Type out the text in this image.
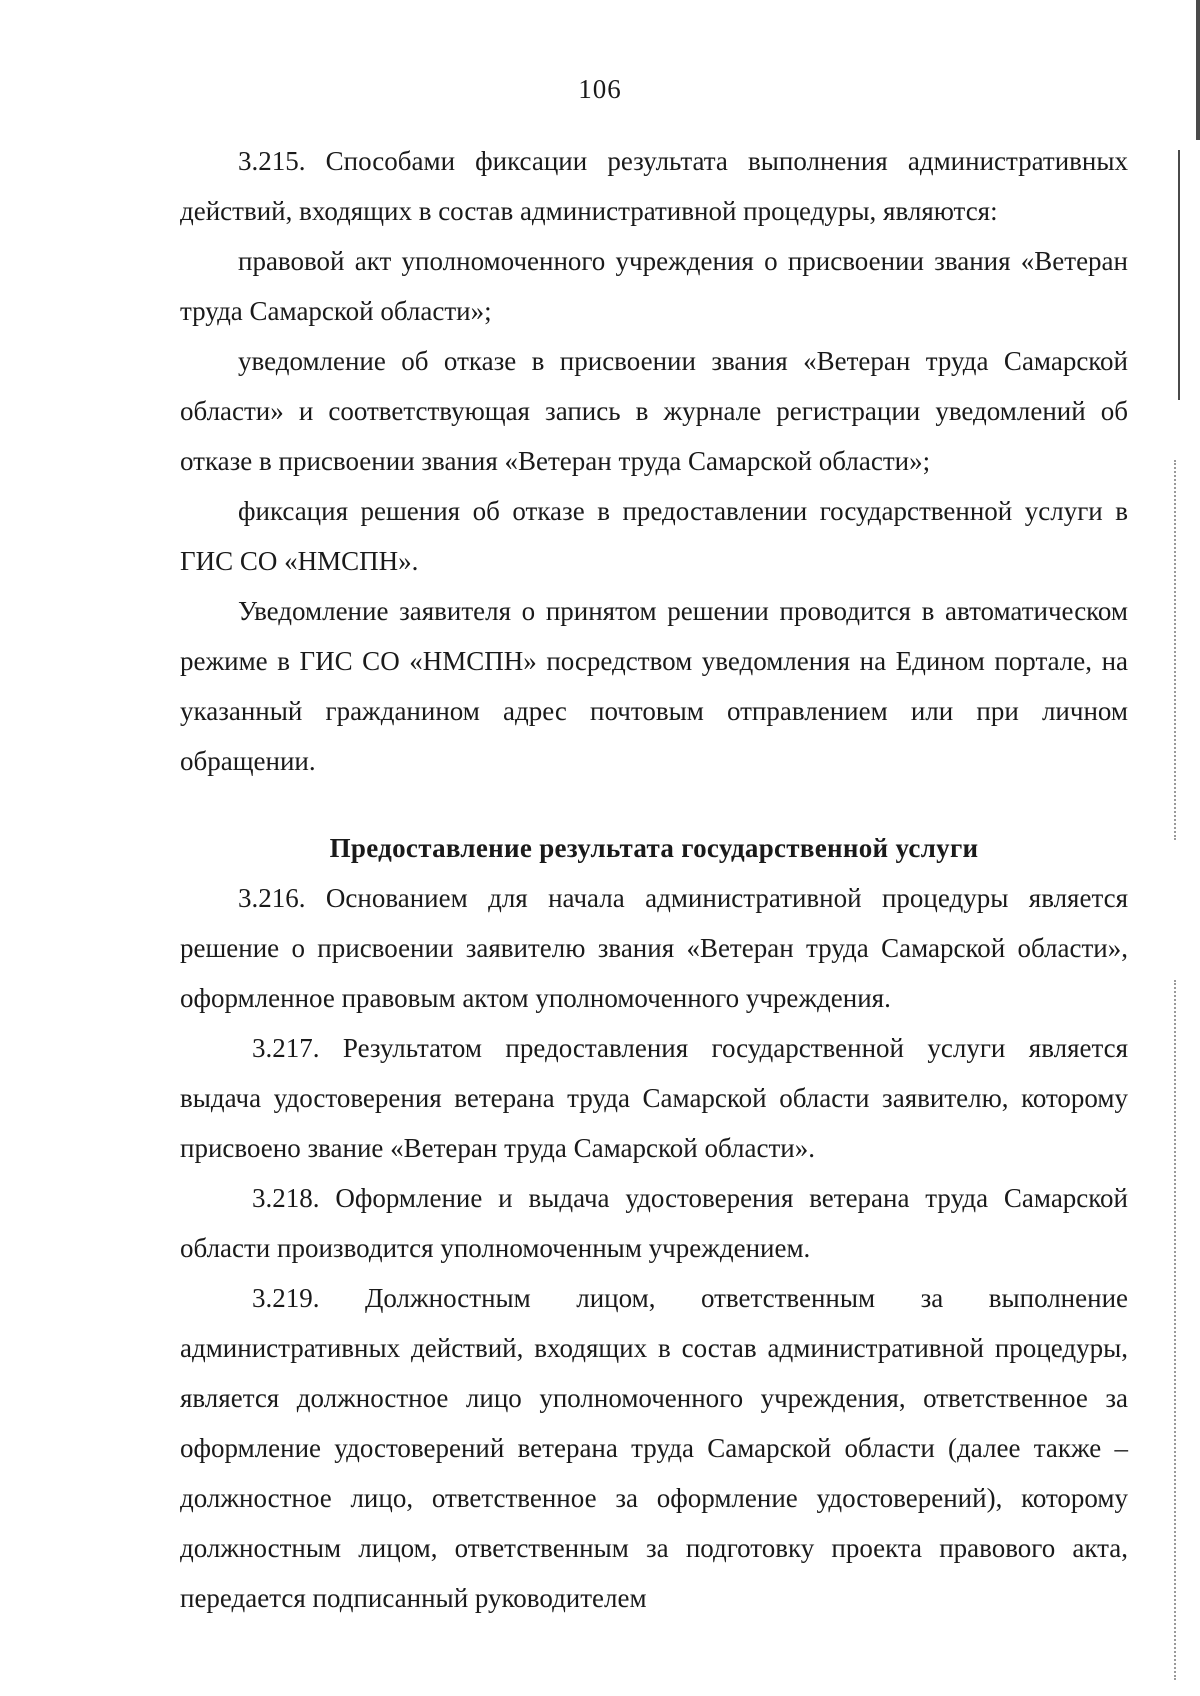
106

3.215. Способами фиксации результата выполнения административных действий, входящих в состав административной процедуры, являются:

правовой акт уполномоченного учреждения о присвоении звания «Ветеран труда Самарской области»;

уведомление об отказе в присвоении звания «Ветеран труда Самарской области» и соответствующая запись в журнале регистрации уведомлений об отказе в присвоении звания «Ветеран труда Самарской области»;

фиксация решения об отказе в предоставлении государственной услуги в ГИС СО «НМСПН».

Уведомление заявителя о принятом решении проводится в автоматическом режиме в ГИС СО «НМСПН» посредством уведомления на Едином портале, на указанный гражданином адрес почтовым отправлением или при личном обращении.

Предоставление результата государственной услуги

3.216. Основанием для начала административной процедуры является решение о присвоении заявителю звания «Ветеран труда Самарской области», оформленное правовым актом уполномоченного учреждения.

3.217. Результатом предоставления государственной услуги является выдача удостоверения ветерана труда Самарской области заявителю, которому присвоено звание «Ветеран труда Самарской области».

3.218. Оформление и выдача удостоверения ветерана труда Самарской области производится уполномоченным учреждением.

3.219. Должностным лицом, ответственным за выполнение административных действий, входящих в состав административной процедуры, является должностное лицо уполномоченного учреждения, ответственное за оформление удостоверений ветерана труда Самарской области (далее также – должностное лицо, ответственное за оформление удостоверений), которому должностным лицом, ответственным за подготовку проекта правового акта, передается подписанный руководителем
